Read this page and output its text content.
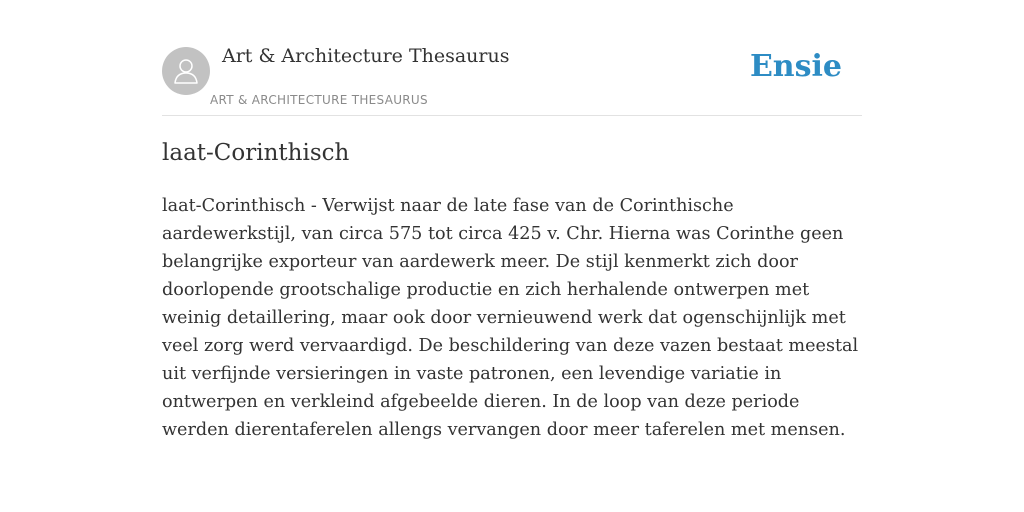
Art & Architecture Thesaurus
ART & ARCHITECTURE THESAURUS
Ensie
laat-Corinthisch

laat-Corinthisch - Verwijst naar de late fase van de Corinthische aardewerkstijl, van circa 575 tot circa 425 v. Chr. Hierna was Corinthe geen belangrijke exporteur van aardewerk meer. De stijl kenmerkt zich door doorlopende grootschalige productie en zich herhalende ontwerpen met weinig detaillering, maar ook door vernieuwend werk dat ogenschijnlijk met veel zorg werd vervaardigd. De beschildering van deze vazen bestaat meestal uit verfijnde versieringen in vaste patronen, een levendige variatie in ontwerpen en verkleind afgebeelde dieren. In de loop van deze periode werden dierentaferelen allengs vervangen door meer taferelen met mensen.
